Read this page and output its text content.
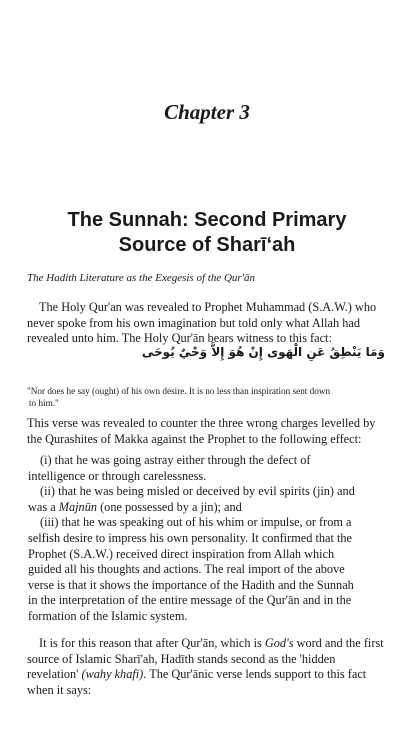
Chapter 3
The Sunnah: Second Primary
Source of Sharī‘ah
The Hadith Literature as the Exegesis of the Qur'ān
The Holy Qur'an was revealed to Prophet Muhammad (S.A.W.) who
never spoke from his own imagination but told only what Allah had
revealed unto him. The Holy Qur'ān bears witness to this fact:
وَمَا يَنْطِقُ عَنِ الْهَوى إِنْ هُوَ إِلاَّ وَحْيٌ يُوحَى
"Nor does he say (ought) of his own desire. It is no less than inspiration sent down
to him."
This verse was revealed to counter the three wrong charges levelled by
the Qurashites of Makka against the Prophet to the following effect:
(i) that he was going astray either through the defect of
intelligence or through carelessness.
(ii) that he was being misled or deceived by evil spirits (jin) and
was a Majnūn (one possessed by a jin); and
(iii) that he was speaking out of his whim or impulse, or from a
selfish desire to impress his own personality. It confirmed that the
Prophet (S.A.W.) received direct inspiration from Allah which
guided all his thoughts and actions. The real import of the above
verse is that it shows the importance of the Hadith and the Sunnah
in the interpretation of the entire message of the Qur'ān and in the
formation of the Islamic system.
It is for this reason that after Qur'ān, which is God's word and the first
source of Islamic Sharī'ah, Hadīth stands second as the 'hidden
revelation' (wahy khafi). The Qur'ānic verse lends support to this fact
when it says:
